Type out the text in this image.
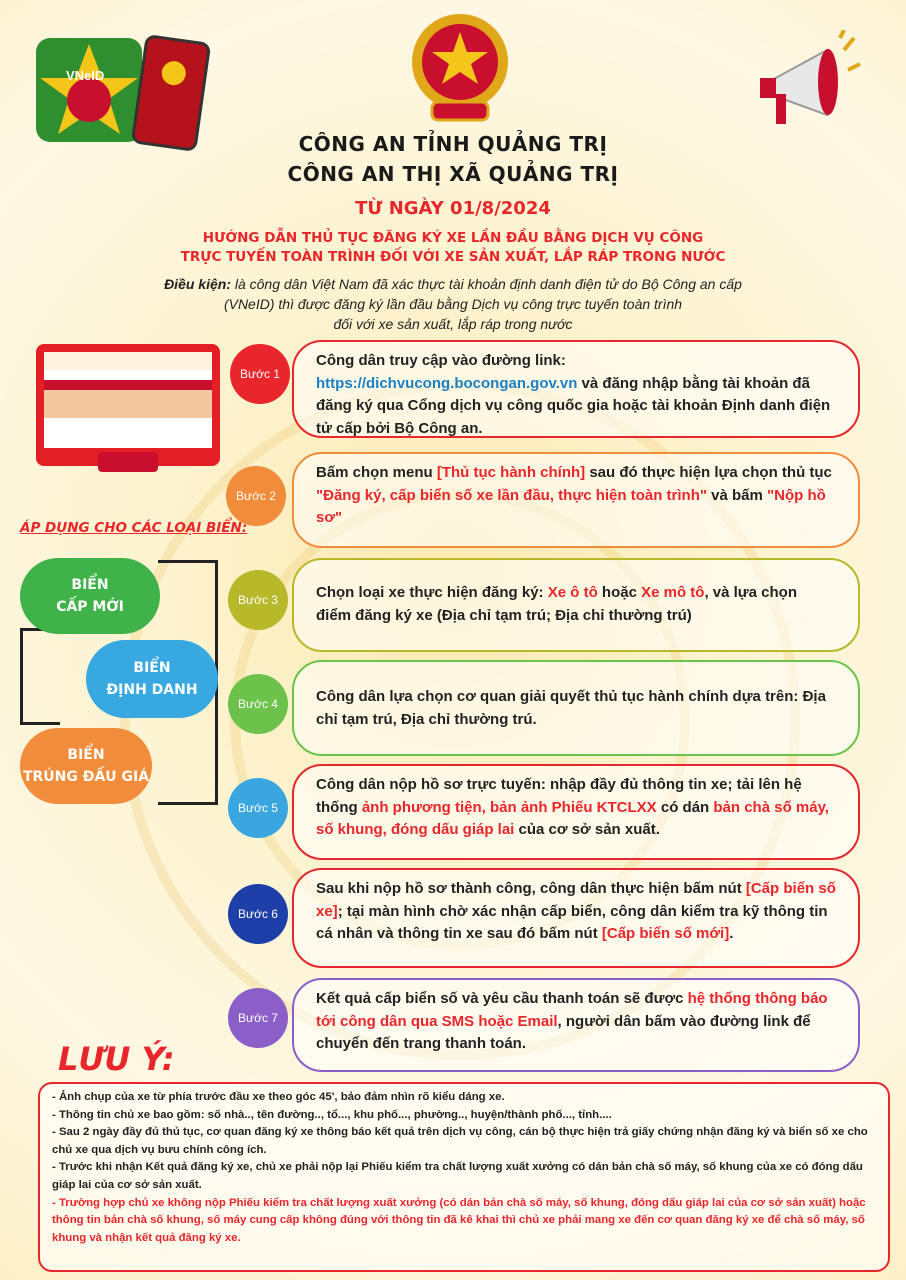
VNeID
CÔNG AN TỈNH QUẢNG TRỊ
CÔNG AN THỊ XÃ QUẢNG TRỊ
TỪ NGÀY 01/8/2024
HƯỚNG DẪN THỦ TỤC ĐĂNG KÝ XE LẦN ĐẦU BẰNG DỊCH VỤ CÔNG
TRỰC TUYẾN TOÀN TRÌNH ĐỐI VỚI XE SẢN XUẤT, LẮP RÁP TRONG NƯỚC
Điều kiện: là công dân Việt Nam đã xác thực tài khoản định danh điện tử do Bộ Công an cấp
(VNeID) thì được đăng ký lần đầu bằng Dịch vụ công trực tuyến toàn trình
đối với xe sản xuất, lắp ráp trong nước
Bước 1
Bước 2
Bước 3
Bước 4
Bước 5
Bước 6
Bước 7
Công dân truy cập vào đường link:
https://dichvucong.bocongan.gov.vn và đăng nhập bằng tài khoản đã đăng ký qua Cổng dịch vụ công quốc gia hoặc tài khoản Định danh điện tử cấp bởi Bộ Công an.
Bấm chọn menu [Thủ tục hành chính] sau đó thực hiện lựa chọn thủ tục "Đăng ký, cấp biển số xe lần đầu, thực hiện toàn trình" và bấm "Nộp hồ sơ"
Chọn loại xe thực hiện đăng ký: Xe ô tô hoặc Xe mô tô, và lựa chọn điểm đăng ký xe (Địa chỉ tạm trú; Địa chỉ thường trú)
Công dân lựa chọn cơ quan giải quyết thủ tục hành chính dựa trên: Địa chỉ tạm trú, Địa chỉ thường trú.
Công dân nộp hồ sơ trực tuyến: nhập đầy đủ thông tin xe; tải lên hệ thống ảnh phương tiện, bản ảnh Phiếu KTCLXX có dán bản chà số máy, số khung, đóng dấu giáp lai của cơ sở sản xuất.
Sau khi nộp hồ sơ thành công, công dân thực hiện bấm nút [Cấp biển số xe]; tại màn hình chờ xác nhận cấp biển, công dân kiểm tra kỹ thông tin cá nhân và thông tin xe sau đó bấm nút [Cấp biển số mới].
Kết quả cấp biển số và yêu cầu thanh toán sẽ được hệ thống thông báo tới công dân qua SMS hoặc Email, người dân bấm vào đường link để chuyển đến trang thanh toán.
ÁP DỤNG CHO CÁC LOẠI BIỂN:
BIỂN
CẤP MỚI
BIỂN
ĐỊNH DANH
BIỂN
TRÚNG ĐẤU GIÁ
LƯU Ý:
- Ảnh chụp của xe từ phía trước đầu xe theo góc 45', bảo đảm nhìn rõ kiểu dáng xe.
- Thông tin chủ xe bao gồm: số nhà.., tên đường.., tổ..., khu phố..., phường.., huyện/thành phố..., tỉnh....
- Sau 2 ngày đầy đủ thủ tục, cơ quan đăng ký xe thông báo kết quả trên dịch vụ công, cán bộ thực hiện trả giấy chứng nhận đăng ký và biển số xe cho chủ xe qua dịch vụ bưu chính công ích.
- Trước khi nhận Kết quả đăng ký xe, chủ xe phải nộp lại Phiếu kiểm tra chất lượng xuất xưởng có dán bản chà số máy, số khung của xe có đóng dấu giáp lai của cơ sở sản xuất.
- Trường hợp chủ xe không nộp Phiếu kiểm tra chất lượng xuất xưởng (có dán bản chà số máy, số khung, đóng dấu giáp lai của cơ sở sản xuất) hoặc thông tin bản chà số khung, số máy cung cấp không đúng với thông tin đã kê khai thì chủ xe phải mang xe đến cơ quan đăng ký xe để chà số máy, số khung và nhận kết quả đăng ký xe.
